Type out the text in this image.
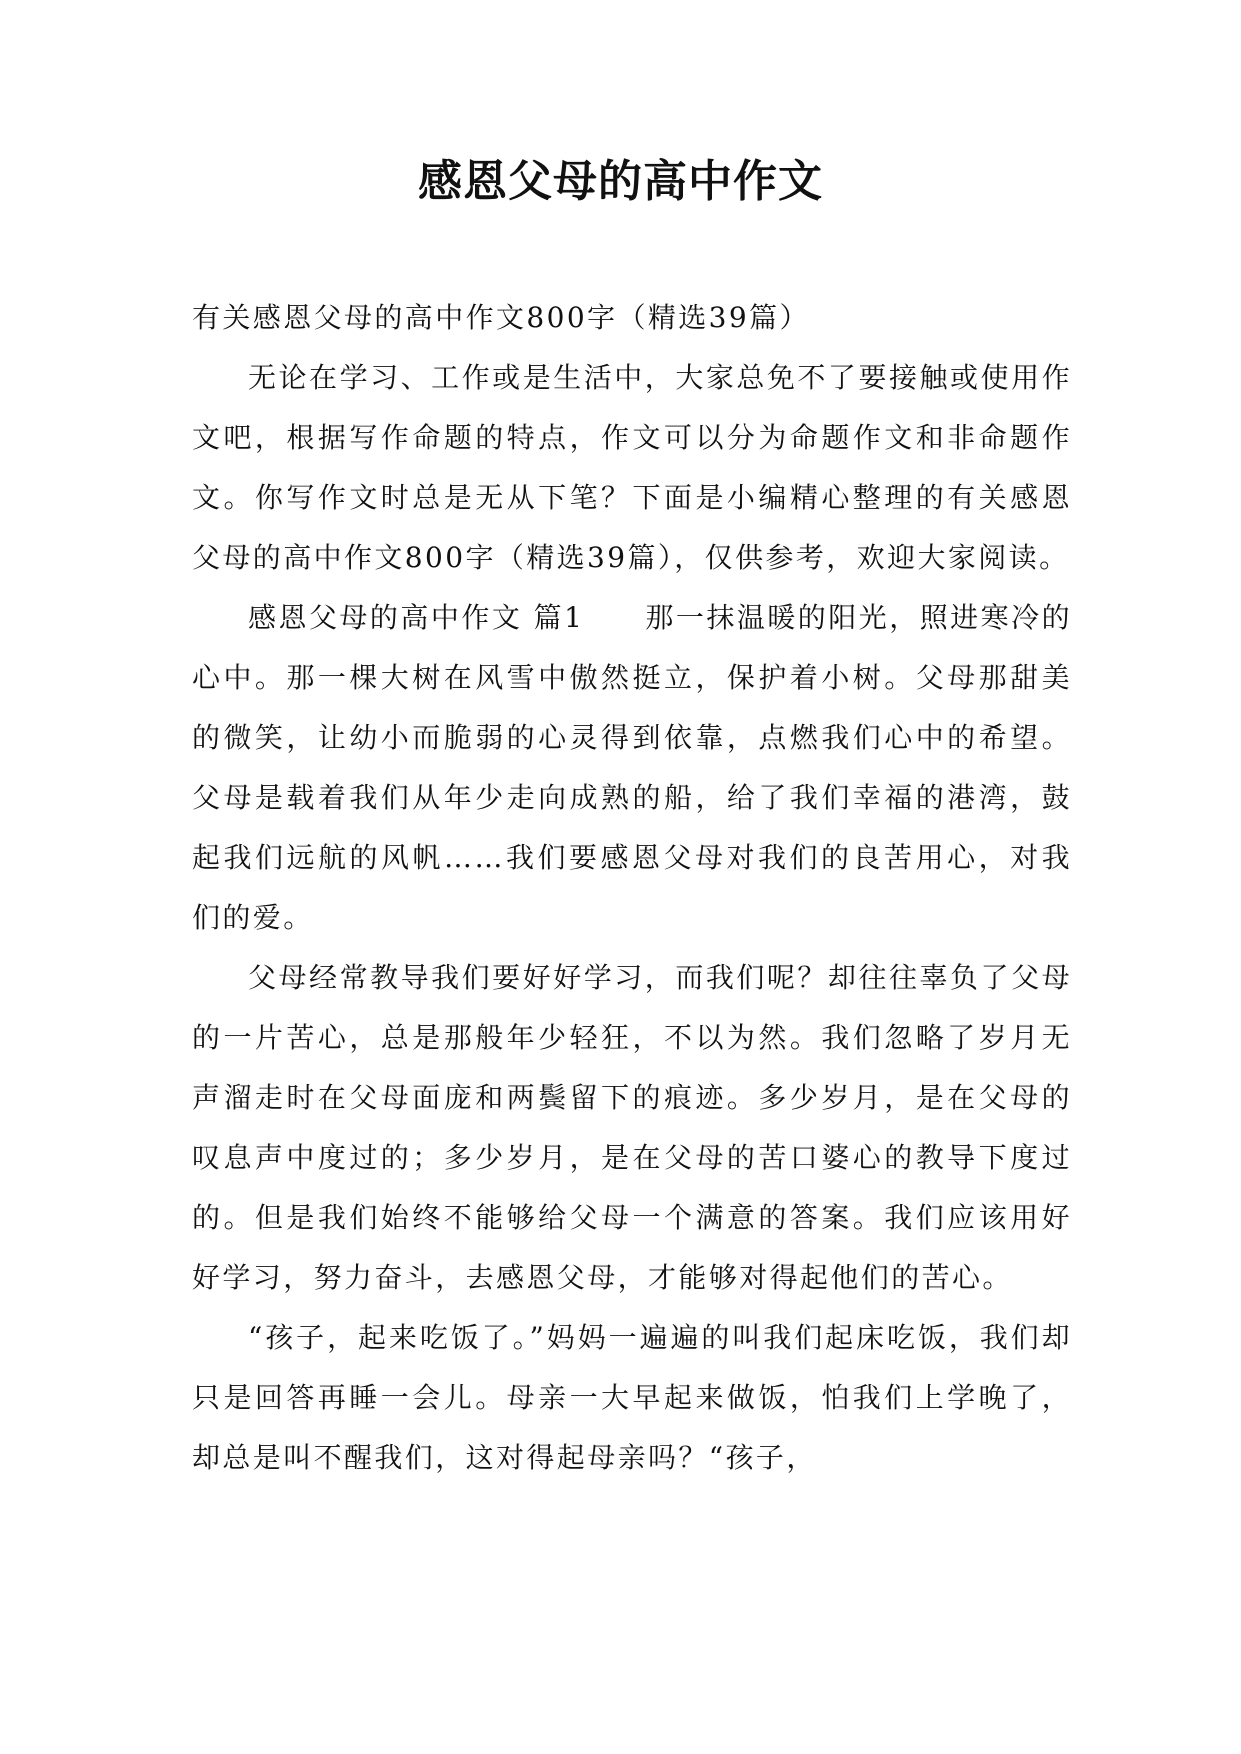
感恩父母的高中作文

有关感恩父母的高中作文800字（精选39篇）

无论在学习、工作或是生活中，大家总免不了要接触或使用作文吧，根据写作命题的特点，作文可以分为命题作文和非命题作文。你写作文时总是无从下笔？下面是小编精心整理的有关感恩父母的高中作文800字（精选39篇），仅供参考，欢迎大家阅读。

感恩父母的高中作文 篇1　　那一抹温暖的阳光，照进寒冷的心中。那一棵大树在风雪中傲然挺立，保护着小树。父母那甜美的微笑，让幼小而脆弱的心灵得到依靠，点燃我们心中的希望。父母是载着我们从年少走向成熟的船，给了我们幸福的港湾，鼓起我们远航的风帆……我们要感恩父母对我们的良苦用心，对我们的爱。

父母经常教导我们要好好学习，而我们呢？却往往辜负了父母的一片苦心，总是那般年少轻狂，不以为然。我们忽略了岁月无声溜走时在父母面庞和两鬓留下的痕迹。多少岁月，是在父母的叹息声中度过的；多少岁月，是在父母的苦口婆心的教导下度过的。但是我们始终不能够给父母一个满意的答案。我们应该用好好学习，努力奋斗，去感恩父母，才能够对得起他们的苦心。

“孩子，起来吃饭了。”妈妈一遍遍的叫我们起床吃饭，我们却只是回答再睡一会儿。母亲一大早起来做饭，怕我们上学晚了，却总是叫不醒我们，这对得起母亲吗？“孩子，
